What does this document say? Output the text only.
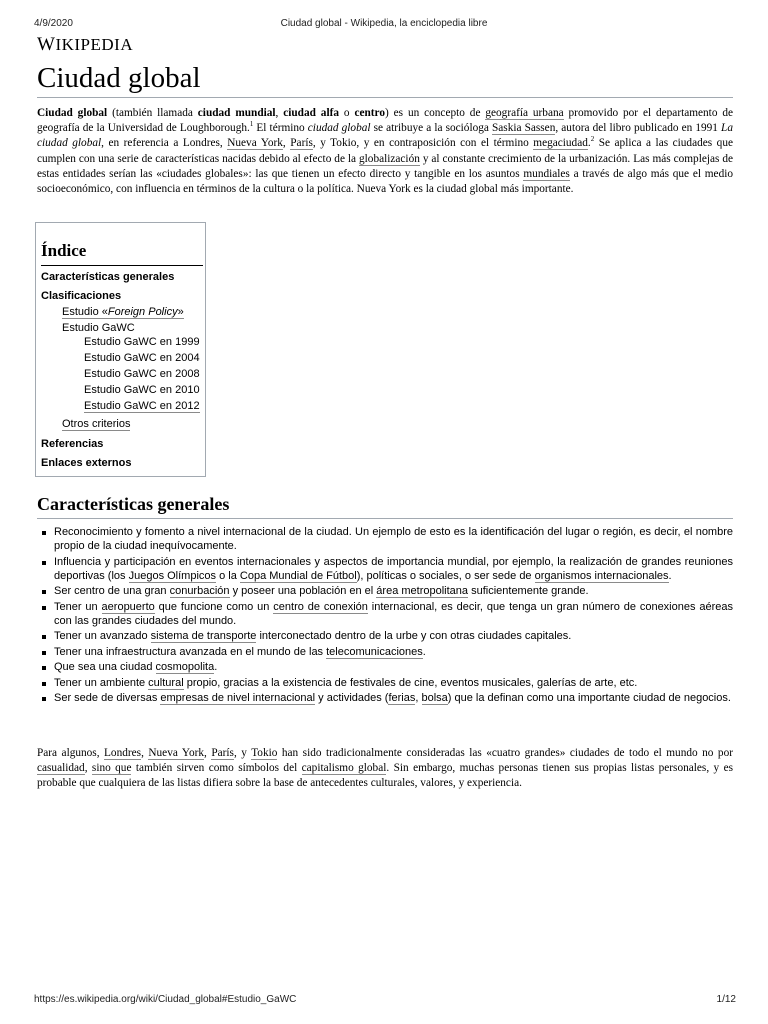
4/9/2020	Ciudad global - Wikipedia, la enciclopedia libre
WIKIPEDIA
Ciudad global

Ciudad global (también llamada ciudad mundial, ciudad alfa o centro) es un concepto de geografía urbana promovido por el departamento de geografía de la Universidad de Loughborough.$^1$ El término ciudad global se atribuye a la socióloga Saskia Sassen, autora del libro publicado en 1991 La ciudad global, en referencia a Londres, Nueva York, París, y Tokio, y en contraposición con el término megaciudad.$^2$ Se aplica a las ciudades que cumplen con una serie de características nacidas debido al efecto de la globalización y al constante crecimiento de la urbanización. Las más complejas de estas entidades serían las «ciudades globales»: las que tienen un efecto directo y tangible en los asuntos mundiales a través de algo más que el medio socioeconómico, con influencia en términos de la cultura o la política. Nueva York es la ciudad global más importante.

Índice
Características generales
Clasificaciones
Estudio «Foreign Policy»
Estudio GaWC
Estudio GaWC en 1999
Estudio GaWC en 2004
Estudio GaWC en 2008
Estudio GaWC en 2010
Estudio GaWC en 2012
Otros criterios
Referencias
Enlaces externos
Características generales
Reconocimiento y fomento a nivel internacional de la ciudad. Un ejemplo de esto es la identificación del lugar o región, es decir, el nombre propio de la ciudad inequívocamente.
Influencia y participación en eventos internacionales y aspectos de importancia mundial, por ejemplo, la realización de grandes reuniones deportivas (los Juegos Olímpicos o la Copa Mundial de Fútbol), políticas o sociales, o ser sede de organismos internacionales.
Ser centro de una gran conurbación y poseer una población en el área metropolitana suficientemente grande.
Tener un aeropuerto que funcione como un centro de conexión internacional, es decir, que tenga un gran número de conexiones aéreas con las grandes ciudades del mundo.
Tener un avanzado sistema de transporte interconectado dentro de la urbe y con otras ciudades capitales.
Tener una infraestructura avanzada en el mundo de las telecomunicaciones.
Que sea una ciudad cosmopolita.
Tener un ambiente cultural propio, gracias a la existencia de festivales de cine, eventos musicales, galerías de arte, etc.
Ser sede de diversas empresas de nivel internacional y actividades (ferias, bolsa) que la definan como una importante ciudad de negocios.

Para algunos, Londres, Nueva York, París, y Tokio han sido tradicionalmente consideradas las «cuatro grandes» ciudades de todo el mundo no por casualidad, sino que también sirven como símbolos del capitalismo global. Sin embargo, muchas personas tienen sus propias listas personales, y es probable que cualquiera de las listas difiera sobre la base de antecedentes culturales, valores, y experiencia.

https://es.wikipedia.org/wiki/Ciudad_global#Estudio_GaWC	1/12
